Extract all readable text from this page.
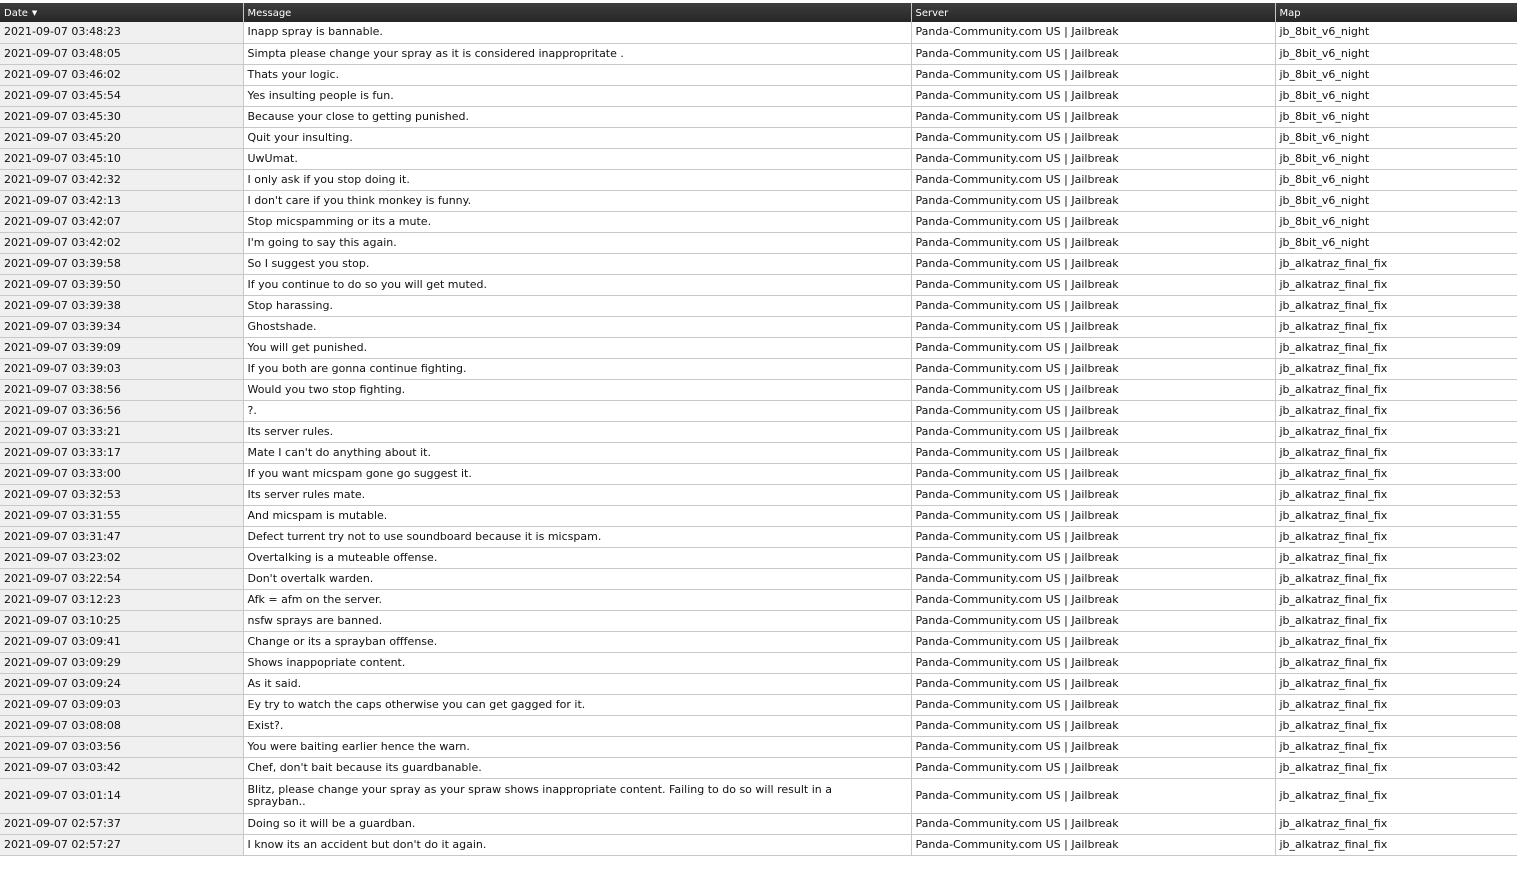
Date ▼	Message	Server	Map
2021-09-07 03:48:23	Inapp spray is bannable.	Panda-Community.com US | Jailbreak	jb_8bit_v6_night
2021-09-07 03:48:05	Simpta please change your spray as it is considered inappropritate .	Panda-Community.com US | Jailbreak	jb_8bit_v6_night
2021-09-07 03:46:02	Thats your logic.	Panda-Community.com US | Jailbreak	jb_8bit_v6_night
2021-09-07 03:45:54	Yes insulting people is fun.	Panda-Community.com US | Jailbreak	jb_8bit_v6_night
2021-09-07 03:45:30	Because your close to getting punished.	Panda-Community.com US | Jailbreak	jb_8bit_v6_night
2021-09-07 03:45:20	Quit your insulting.	Panda-Community.com US | Jailbreak	jb_8bit_v6_night
2021-09-07 03:45:10	UwUmat.	Panda-Community.com US | Jailbreak	jb_8bit_v6_night
2021-09-07 03:42:32	I only ask if you stop doing it.	Panda-Community.com US | Jailbreak	jb_8bit_v6_night
2021-09-07 03:42:13	I don't care if you think monkey is funny.	Panda-Community.com US | Jailbreak	jb_8bit_v6_night
2021-09-07 03:42:07	Stop micspamming or its a mute.	Panda-Community.com US | Jailbreak	jb_8bit_v6_night
2021-09-07 03:42:02	I'm going to say this again.	Panda-Community.com US | Jailbreak	jb_8bit_v6_night
2021-09-07 03:39:58	So I suggest you stop.	Panda-Community.com US | Jailbreak	jb_alkatraz_final_fix
2021-09-07 03:39:50	If you continue to do so you will get muted.	Panda-Community.com US | Jailbreak	jb_alkatraz_final_fix
2021-09-07 03:39:38	Stop harassing.	Panda-Community.com US | Jailbreak	jb_alkatraz_final_fix
2021-09-07 03:39:34	Ghostshade.	Panda-Community.com US | Jailbreak	jb_alkatraz_final_fix
2021-09-07 03:39:09	You will get punished.	Panda-Community.com US | Jailbreak	jb_alkatraz_final_fix
2021-09-07 03:39:03	If you both are gonna continue fighting.	Panda-Community.com US | Jailbreak	jb_alkatraz_final_fix
2021-09-07 03:38:56	Would you two stop fighting.	Panda-Community.com US | Jailbreak	jb_alkatraz_final_fix
2021-09-07 03:36:56	?.	Panda-Community.com US | Jailbreak	jb_alkatraz_final_fix
2021-09-07 03:33:21	Its server rules.	Panda-Community.com US | Jailbreak	jb_alkatraz_final_fix
2021-09-07 03:33:17	Mate I can't do anything about it.	Panda-Community.com US | Jailbreak	jb_alkatraz_final_fix
2021-09-07 03:33:00	If you want micspam gone go suggest it.	Panda-Community.com US | Jailbreak	jb_alkatraz_final_fix
2021-09-07 03:32:53	Its server rules mate.	Panda-Community.com US | Jailbreak	jb_alkatraz_final_fix
2021-09-07 03:31:55	And micspam is mutable.	Panda-Community.com US | Jailbreak	jb_alkatraz_final_fix
2021-09-07 03:31:47	Defect turrent try not to use soundboard because it is micspam.	Panda-Community.com US | Jailbreak	jb_alkatraz_final_fix
2021-09-07 03:23:02	Overtalking is a muteable offense.	Panda-Community.com US | Jailbreak	jb_alkatraz_final_fix
2021-09-07 03:22:54	Don't overtalk warden.	Panda-Community.com US | Jailbreak	jb_alkatraz_final_fix
2021-09-07 03:12:23	Afk = afm on the server.	Panda-Community.com US | Jailbreak	jb_alkatraz_final_fix
2021-09-07 03:10:25	nsfw sprays are banned.	Panda-Community.com US | Jailbreak	jb_alkatraz_final_fix
2021-09-07 03:09:41	Change or its a sprayban offfense.	Panda-Community.com US | Jailbreak	jb_alkatraz_final_fix
2021-09-07 03:09:29	Shows inappopriate content.	Panda-Community.com US | Jailbreak	jb_alkatraz_final_fix
2021-09-07 03:09:24	As it said.	Panda-Community.com US | Jailbreak	jb_alkatraz_final_fix
2021-09-07 03:09:03	Ey try to watch the caps otherwise you can get gagged for it.	Panda-Community.com US | Jailbreak	jb_alkatraz_final_fix
2021-09-07 03:08:08	Exist?.	Panda-Community.com US | Jailbreak	jb_alkatraz_final_fix
2021-09-07 03:03:56	You were baiting earlier hence the warn.	Panda-Community.com US | Jailbreak	jb_alkatraz_final_fix
2021-09-07 03:03:42	Chef, don't bait because its guardbanable.	Panda-Community.com US | Jailbreak	jb_alkatraz_final_fix
2021-09-07 03:01:14	Blitz, please change your spray as your spraw shows inappropriate content. Failing to do so will result in a sprayban..	Panda-Community.com US | Jailbreak	jb_alkatraz_final_fix
2021-09-07 02:57:37	Doing so it will be a guardban.	Panda-Community.com US | Jailbreak	jb_alkatraz_final_fix
2021-09-07 02:57:27	I know its an accident but don't do it again.	Panda-Community.com US | Jailbreak	jb_alkatraz_final_fix
